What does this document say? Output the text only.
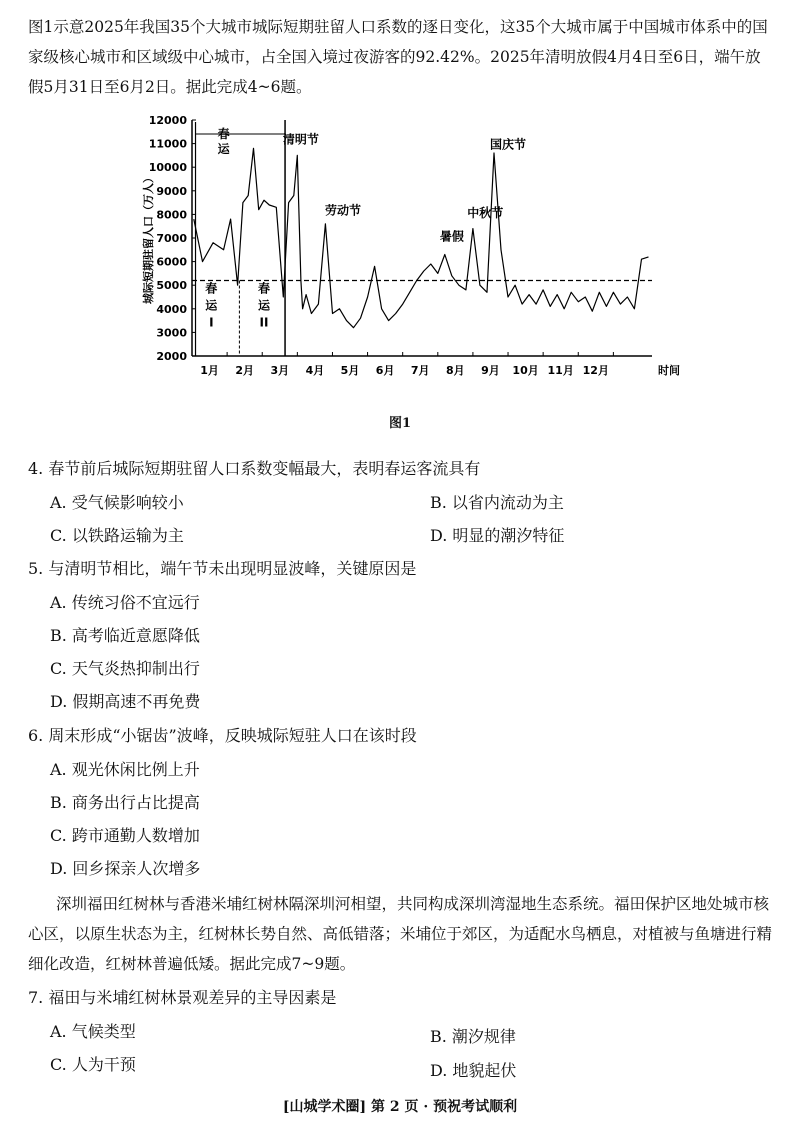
图1示意2025年我国35个大城市城际短期驻留人口系数的逐日变化，这35个大城市属于中国城市体系中的国家级核心城市和区域级中心城市，占全国入境过夜游客的92.42%。2025年清明放假4月4日至6日，端午放假5月31日至6月2日。据此完成4~6题。
2000
3000
4000
5000
6000
7000
8000
9000
10000
11000
12000
1月 2月 3月 4月 5月 6月 7月 8月 9月 10月 11月 12月	时间
城际短期驻留人口（万人）
春
运
春
运
I
春
运
II
清明节
劳动节
暑假
中秋节
国庆节
图1
4. 春节前后城际短期驻留人口系数变幅最大，表明春运客流具有
A. 受气候影响较小	B. 以省内流动为主
C. 以铁路运输为主	D. 明显的潮汐特征
5. 与清明节相比，端午节未出现明显波峰，关键原因是
A. 传统习俗不宜远行
B. 高考临近意愿降低
C. 天气炎热抑制出行
D. 假期高速不再免费
6. 周末形成“小锯齿”波峰，反映城际短驻人口在该时段
A. 观光休闲比例上升
B. 商务出行占比提高
C. 跨市通勤人数增加
D. 回乡探亲人次增多
深圳福田红树林与香港米埔红树林隔深圳河相望，共同构成深圳湾湿地生态系统。福田保护区地处城市核心区，以原生状态为主，红树林长势自然、高低错落；米埔位于郊区，为适配水鸟栖息，对植被与鱼塘进行精细化改造，红树林普遍低矮。据此完成7~9题。
7. 福田与米埔红树林景观差异的主导因素是
A. 气候类型	B. 潮汐规律
C. 人为干预	D. 地貌起伏
[山城学术圈] 第 2 页 · 预祝考试顺利
